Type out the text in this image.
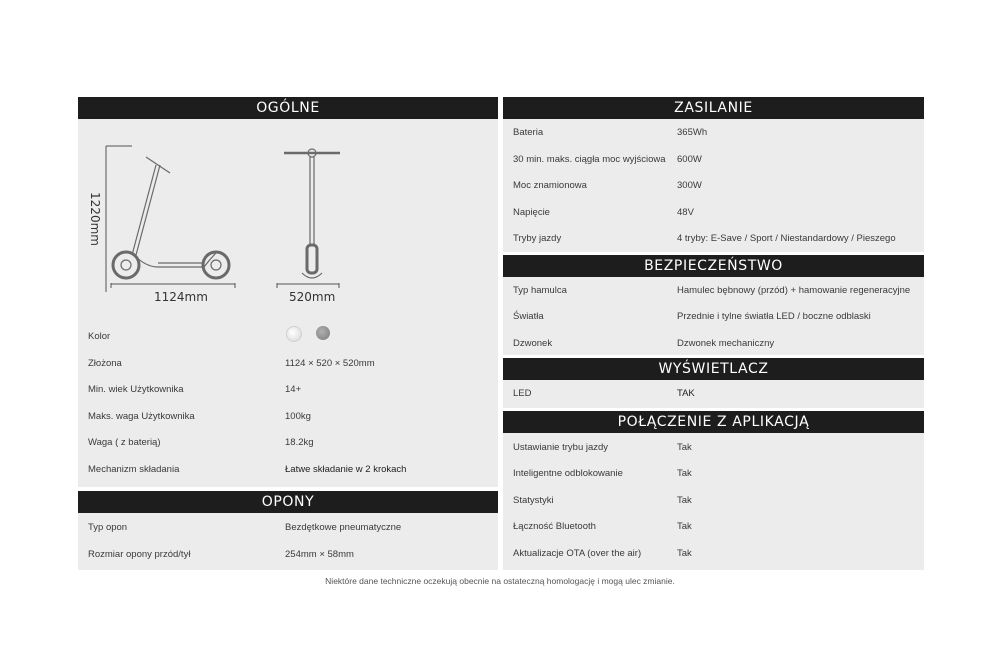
OGÓLNE
1220mm
1124mm	520mm
Kolor
Złożona	1124 × 520 × 520mm
Min. wiek Użytkownika	14+
Maks. waga Użytkownika	100kg
Waga ( z baterią)	18.2kg
Mechanizm składania	Łatwe składanie w 2 krokach
OPONY
Typ opon	Bezdętkowe pneumatyczne
Rozmiar opony przód/tył	254mm × 58mm
ZASILANIE
Bateria	365Wh
30 min. maks. ciągła moc wyjściowa 600W
Moc znamionowa	300W
Napięcie	48V
Tryby jazdy	4 tryby: E-Save / Sport / Niestandardowy / Pieszego
BEZPIECZEŃSTWO
Typ hamulca	Hamulec bębnowy (przód) + hamowanie regeneracyjne
Światła	Przednie i tylne światła LED / boczne odblaski
Dzwonek	Dzwonek mechaniczny
WYŚWIETLACZ
LED	TAK
POŁĄCZENIE Z APLIKACJĄ
Ustawianie trybu jazdy	Tak
Inteligentne odblokowanie	Tak
Statystyki	Tak
Łączność Bluetooth	Tak
Aktualizacje OTA (over the air)	Tak
Niektóre dane techniczne oczekują obecnie na ostateczną homologację i mogą ulec zmianie.
